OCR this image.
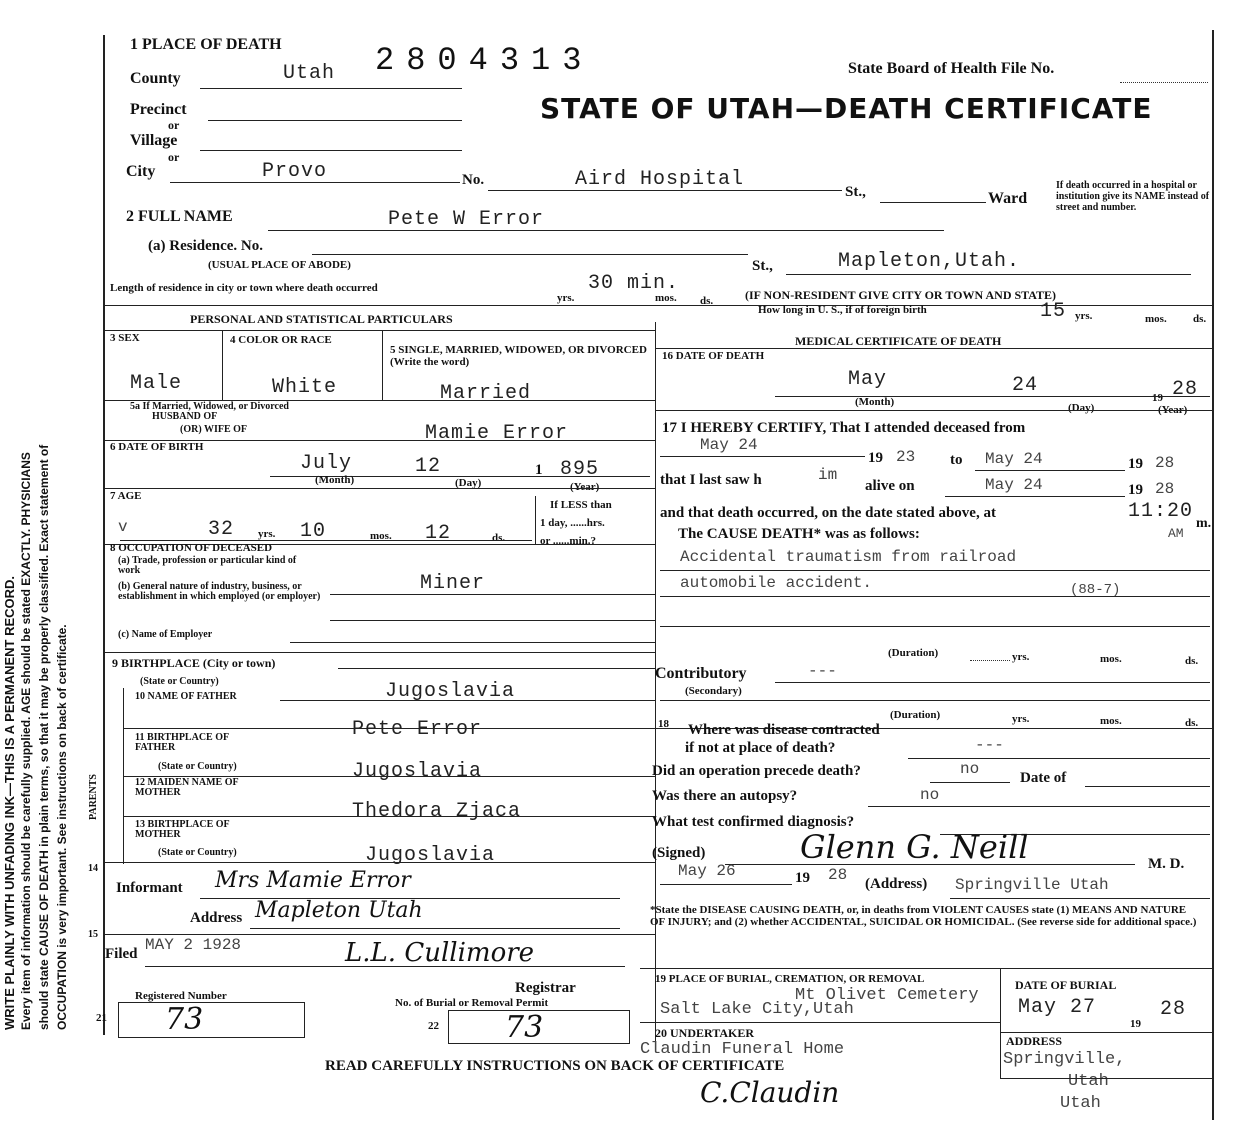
WRITE PLAINLY WITH UNFADING INK—THIS IS A PERMANENT RECORD. Every item of information should be carefully supplied. AGE should be stated EXACTLY. PHYSICIANS should state CAUSE OF DEATH in plain terms, so that it may be properly classified. Exact statement of OCCUPATION is very important. See instructions on back of certificate.
1 PLACE OF DEATH	2804313	State Board of Health File No.
STATE OF UTAH—DEATH CERTIFICATE
County	Utah
Precinct
or
Village
or
City	Provo	No.	Aird Hospital
St.,	Ward
If death occurred in a hospital or institution give its NAME instead of street and number.
2 FULL NAME	Pete W Error
(a) Residence. No.
(USUAL PLACE OF ABODE)	St.,	Mapleton,Utah.
(IF NON-RESIDENT GIVE CITY OR TOWN AND STATE)
Length of residence in city or town where death occurred
yrs.
30 min.
mos. ds.
How long in U. S., if of foreign birth	15 yrs.	mos. ds.
PERSONAL AND STATISTICAL PARTICULARS
3 SEX
Male
4 COLOR OR RACE
White
5 SINGLE, MARRIED, WIDOWED, OR DIVORCED (Write the word)
Married
5a If Married, Widowed, or Divorced
HUSBAND OF
(OR) WIFE OF	Mamie Error
6 DATE OF BIRTH
July	12	1 895
(Month)	(Day)	(Year)
7 AGE
v	32 yrs. 10	mos. 12	ds.
If LESS than
1 day, ......hrs.
or ......min.?
8 OCCUPATION OF DECEASED
(a) Trade, profession or particular kind of work
(b) General nature of industry, business, or establishment in which employed (or employer)
Miner
(c) Name of Employer
9 BIRTHPLACE (City or town)
(State or Country)	Jugoslavia
PARENTS
10 NAME OF FATHER
Pete Error
11 BIRTHPLACE OF FATHER
(State or Country)	Jugoslavia
12 MAIDEN NAME OF MOTHER
Thedora Zjaca
13 BIRTHPLACE OF MOTHER
(State or Country)	Jugoslavia
14
Informant Mrs Mamie Error
Address Mapleton Utah
15
Filed MAY 2 1928	L.L. Cullimore
Registrar
Registered Number
21 73	No. of Burial or Removal Permit
22 73
READ CAREFULLY INSTRUCTIONS ON BACK OF CERTIFICATE
MEDICAL CERTIFICATE OF DEATH
16 DATE OF DEATH
May	24
19 28
(Month)	(Day)	(Year)
17 I HEREBY CERTIFY, That I attended deceased from
May 24
19 23 to May 24	19 28
that I last saw h	im
alive on	May 24	19 28
and that death occurred, on the date stated above, at	11:20
m.
AM
The CAUSE DEATH* was as follows:
Accidental traumatism from railroad
automobile accident.	(88-7)
(Duration)	yrs.	mos.	ds.
Contributory
(Secondary)
---
(Duration)	yrs.	mos.	ds.
18 Where was disease contracted
if not at place of death?	---
Did an operation precede death?	no	Date of
Was there an autopsy?	no
What test confirmed diagnosis?
(Signed)	Glenn G. Neill	M. D.
May 26	19 28 (Address) Springville Utah
*State the DISEASE CAUSING DEATH, or, in deaths from VIOLENT CAUSES state (1) MEANS AND NATURE OF INJURY; and (2) whether ACCIDENTAL, SUICIDAL OR HOMICIDAL. (See reverse side for additional space.)
19 PLACE OF BURIAL, CREMATION, OR REMOVAL
Mt Olivet Cemetery
Salt Lake City,Utah
DATE OF BURIAL
May 27
19
28
20 UNDERTAKER
Claudin Funeral Home	ADDRESS
Springville,
Utah
Utah
C.Claudin
